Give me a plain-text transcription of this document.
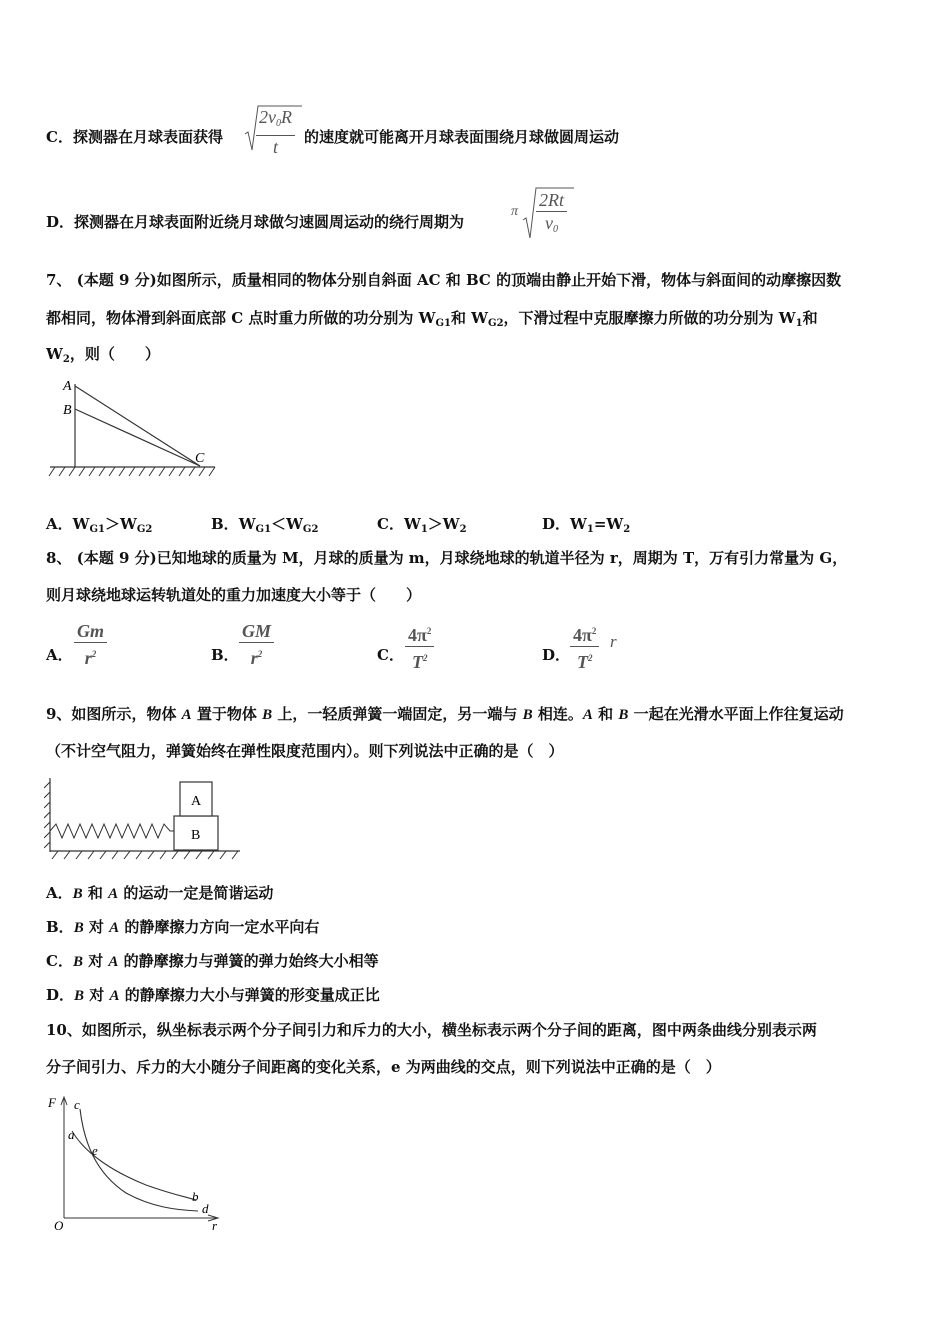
C．探测器在月球表面获得 $\frac{2v_0R}{t}$ 的速度就可能离开月球表面围绕月球做圆周运动
D．探测器在月球表面附近绕月球做匀速圆周运动的绕行周期为
π $\frac{2Rt}{v_0}$
7、 (本题 9 分)如图所示，质量相同的物体分别自斜面 AC 和 BC 的顶端由静止开始下滑，物体与斜面间的动摩擦因数
都相同，物体滑到斜面底部 C 点时重力所做的功分别为 $W_{G1}$和 $W_{G2}$，下滑过程中克服摩擦力所做的功分别为 $W_1$和
$W_2$，则（　　）
A
B
C
A．$W_{G1}>W_{G2}$	B．$W_{G1}<W_{G2}$	C．$W_1>W_2$	D．$W_1=W_2$
8、 (本题 9 分)已知地球的质量为 M，月球的质量为 m，月球绕地球的轨道半径为 r，周期为 T，万有引力常量为 G，
则月球绕地球运转轨道处的重力加速度大小等于（　　）
A． $\frac{Gm}{r^2}$	B． $\frac{GM}{r^2}$	C． $\frac{4\pi^2}{T^2}$	D． $\frac{4\pi^2}{T^2}$ r
9、如图所示，物体 A 置于物体 B 上，一轻质弹簧一端固定，另一端与 B 相连。A 和 B 一起在光滑水平面上作往复运动
（不计空气阻力，弹簧始终在弹性限度范围内）。则下列说法中正确的是（　）
A
B
A．B 和 A 的运动一定是简谐运动
B．B 对 A 的静摩擦力方向一定水平向右
C．B 对 A 的静摩擦力与弹簧的弹力始终大小相等
D．B 对 A 的静摩擦力大小与弹簧的形变量成正比
10、如图所示，纵坐标表示两个分子间引力和斥力的大小，横坐标表示两个分子间的距离，图中两条曲线分别表示两
分子间引力、斥力的大小随分子间距离的变化关系，e 为两曲线的交点，则下列说法中正确的是（　）
F c
a
e
b
d
O	r
